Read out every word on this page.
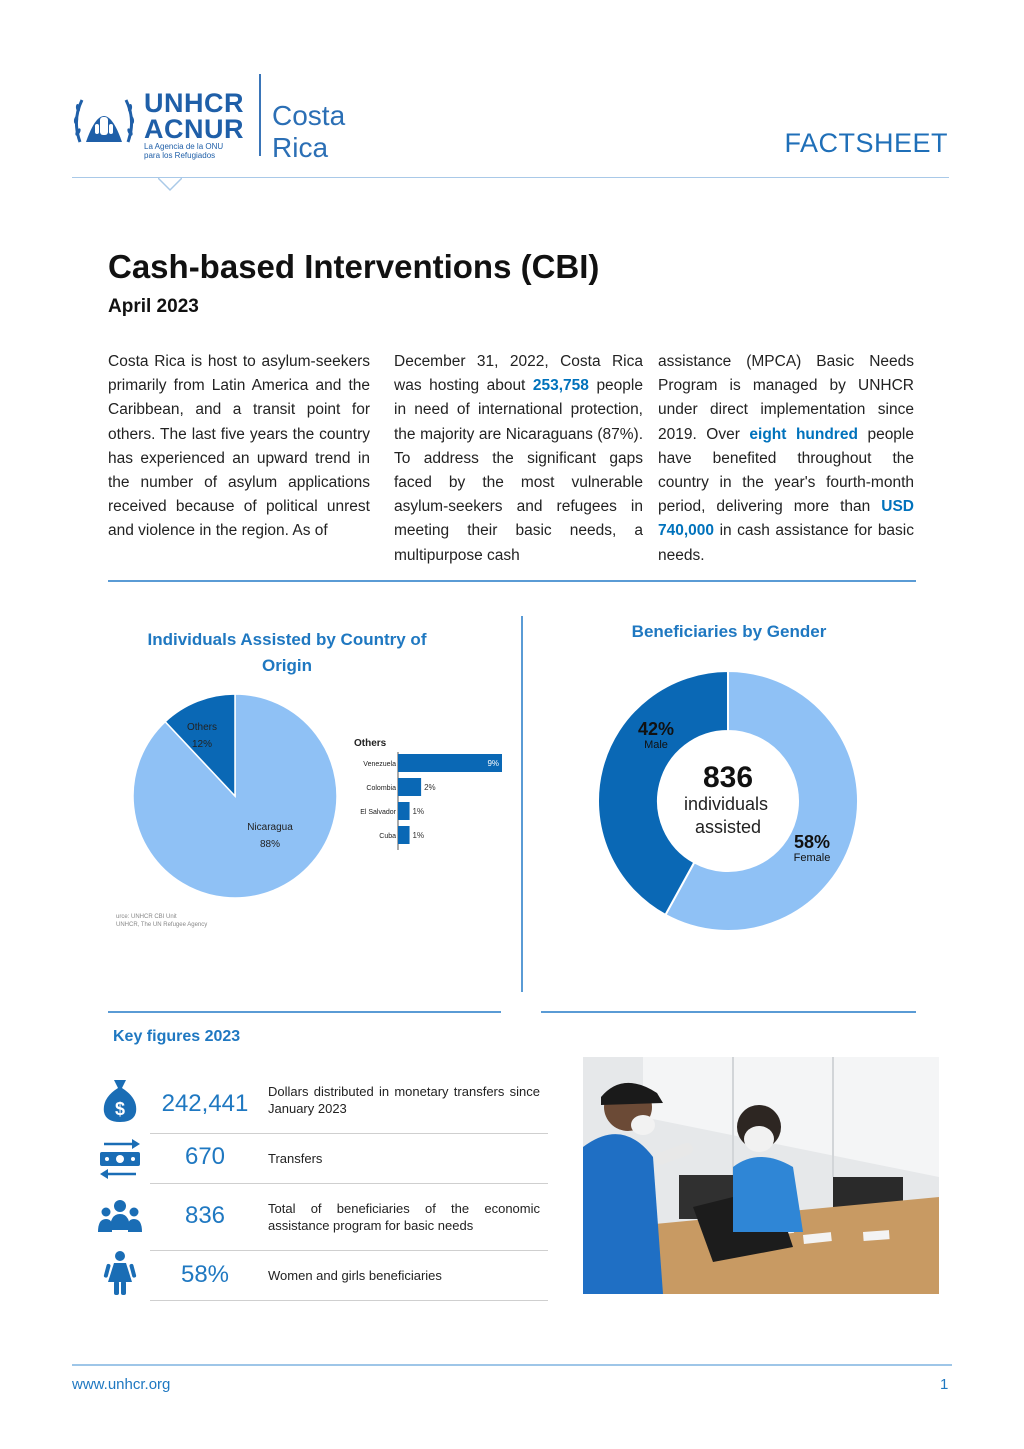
UNHCR
ACNUR
La Agencia de la ONU
para los Refugiados
Costa Rica	FACTSHEET
Cash-based Interventions (CBI)
April 2023
Costa Rica is host to asylum-seekers primarily from Latin America and the Caribbean, and a transit point for others. The last five years the country has experienced an upward trend in the number of asylum applications received because of political unrest and violence in the region. As of
December 31, 2022, Costa Rica was hosting about 253,758 people in need of international protection, the majority are Nicaraguans (87%). To address the significant gaps faced by the most vulnerable asylum-seekers and refugees in meeting their basic needs, a multipurpose cash
assistance (MPCA) Basic Needs Program is managed by UNHCR under direct implementation since 2019. Over eight hundred people have benefited throughout the country in the year's fourth-month period, delivering more than USD 740,000 in cash assistance for basic needs.
Individuals Assisted by Country of Origin
Nicaragua
88%
Others
12%	Others
Venezuela	9%
Colombia	2%
El Salvador 1%
Cuba 1%
urce: UNHCR CBI Unit
UNHCR, The UN Refugee Agency
Beneficiaries by Gender
42%
Male
58%
Female
836
individuals
assisted
Key figures 2023
$	242,441	Dollars distributed in monetary transfers since January 2023
670	Transfers
836	Total of beneficiaries of the economic assistance program for basic needs
58%	Women and girls beneficiaries
www.unhcr.org	1
